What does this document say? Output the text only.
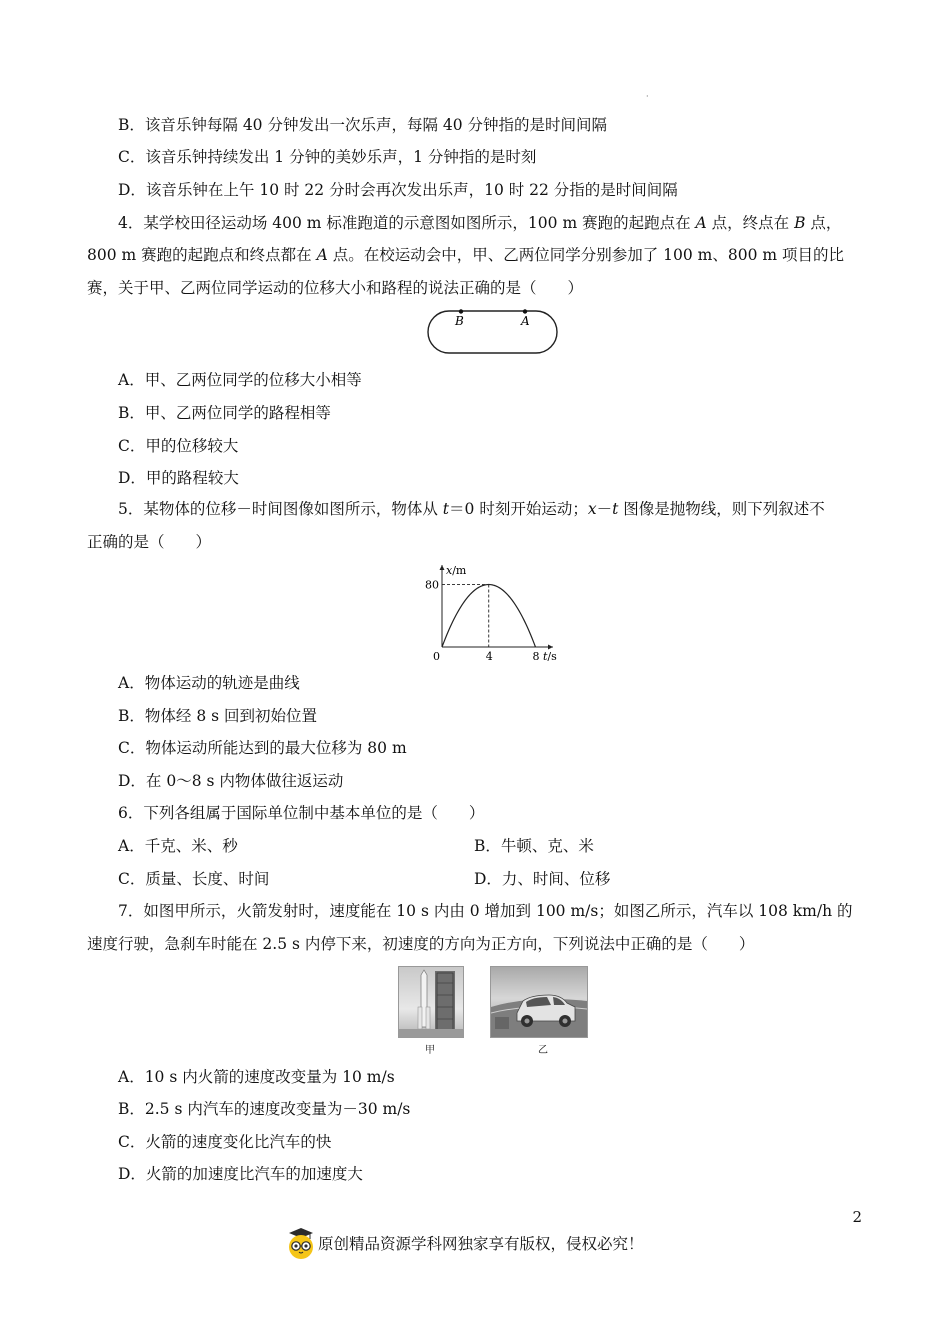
·
B．该音乐钟每隔 40 分钟发出一次乐声，每隔 40 分钟指的是时间间隔
C．该音乐钟持续发出 1 分钟的美妙乐声，1 分钟指的是时刻
D．该音乐钟在上午 10 时 22 分时会再次发出乐声，10 时 22 分指的是时间间隔
4．某学校田径运动场 400 m 标准跑道的示意图如图所示，100 m 赛跑的起跑点在 A 点，终点在 B 点，
800 m 赛跑的起跑点和终点都在 A 点。在校运动会中，甲、乙两位同学分别参加了 100 m、800 m 项目的比
赛，关于甲、乙两位同学运动的位移大小和路程的说法正确的是（　　）
B	A
A．甲、乙两位同学的位移大小相等
B．甲、乙两位同学的路程相等
C．甲的位移较大
D．甲的路程较大
5．某物体的位移－时间图像如图所示，物体从 t＝0 时刻开始运动；x－t 图像是抛物线，则下列叙述不
正确的是（　　）
0	4	8
80
t/s
x/m
A．物体运动的轨迹是曲线
B．物体经 8 s 回到初始位置
C．物体运动所能达到的最大位移为 80 m
D．在 0～8 s 内物体做往返运动
6．下列各组属于国际单位制中基本单位的是（　　）
A．千克、米、秒	B．牛顿、克、米
C．质量、长度、时间	D．力、时间、位移
7．如图甲所示，火箭发射时，速度能在 10 s 内由 0 增加到 100 m/s；如图乙所示，汽车以 108 km/h 的
速度行驶，急刹车时能在 2.5 s 内停下来，初速度的方向为正方向，下列说法中正确的是（　　）
甲	乙
A．10 s 内火箭的速度改变量为 10 m/s
B．2.5 s 内汽车的速度改变量为－30 m/s
C．火箭的速度变化比汽车的快
D．火箭的加速度比汽车的加速度大
2
原创精品资源学科网独家享有版权，侵权必究！
